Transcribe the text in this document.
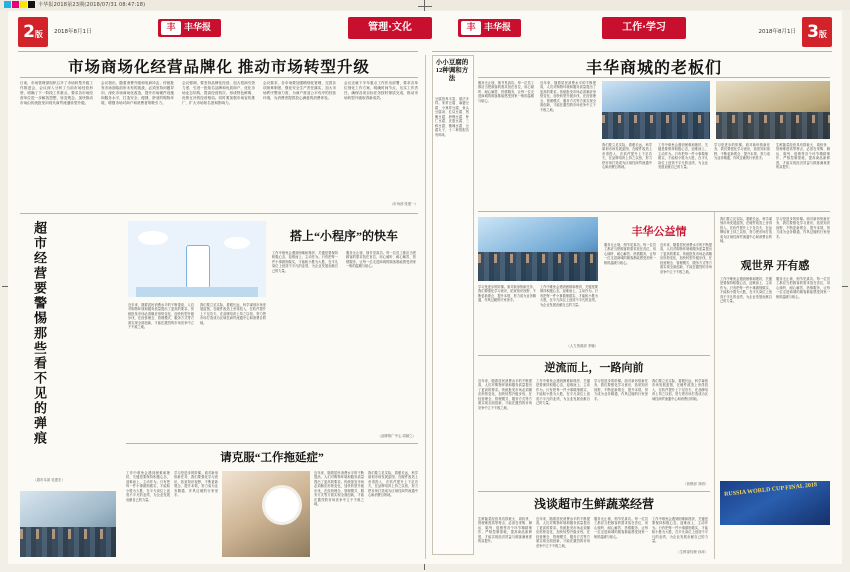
丰华报2018第23期(2018/07/31 08:47:18)
2版	2018年8月1日	丰 丰华报	管理·文化	3版
2018年8月1日
丰 丰华报	工作·学习
市场商场化经营品牌化 推动市场转型升级
日前，市场管理部组织召开了市场转型升级工作推进会，会议深入分析了当前市场经营形势，明确了下一阶段工作重点，要求各市场经营单位进一步解放思想、转变观念，加快推动市场由传统批发向现代商贸流通转型升级。
会议指出，随着消费升级和电商冲击，传统批发市场面临前所未有的挑战，必须坚持问题导向，深化市场商场化改造，提升市场硬件设施和服务水平，打造安全、便捷、舒适的购物环境，增强市场对商户和消费者的吸引力。
会议强调，要坚持品牌化经营，加大招商引资力度，引进一批知名品牌和优质商户，优化市场业态结构，提高经营档次，形成特色鲜明、优势互补的经营格局。同时要加强市场宣传推广，扩大市场知名度和影响力。
会议要求，各市场要加强精细化管理，完善各项规章制度，强化安全生产责任落实，加大市场秩序整治力度，为商户营造公平有序的经营环境，为消费者提供放心满意的消费体验。
会议还就下半年重点工作作出部署，要求各单位细化工作方案，明确时间节点，压实工作责任，确保各项目标任务按时保质完成，推动市场转型升级取得新成效。
（市场部 张建一）
超市经营要警惕那些看不见的弹痕
（超市本部 吴建宏）
搭上“小程序”的快车
近年来，随着居民消费水平的不断提高，人们对购物环境和服务质量提出了更高的要求。传统批发市场必须顺应形势变化，加快转型升级步伐，在经营理念、管理模式、服务方式等方面实现全面创新，才能在激烈的市场竞争中立于不败之地。
我们要立足实际，着眼长远，科学谋划市场发展蓝图，在硬件改造上舍得投入，在软件提升上下足功夫，在品牌培育上持之以恒，努力把市场打造成为区域性商贸流通中心和消费目的地。
工作中难免会遇到困难和挫折，关键是要保持积极心态，迎难而上，主动作为。只有把每一件小事做细做实，才能积小胜为大胜，在平凡岗位上创造不平凡的业绩，为企业发展贡献自己的力量。
服务无止境，细节见真功。每一位员工都应当把顾客的需求放在首位，用心倾听、耐心解答、热情服务，让每一位走进商城的顾客都能感受到家一般的温暖与贴心。
（品牌推广中心 周颖之）
请克服“工作拖延症”
工作中难免会遇到困难和挫折，关键是要保持积极心态，迎难而上，主动作为。只有把每一件小事做细做实，才能积小胜为大胜，在平凡岗位上创造不平凡的业绩，为企业发展贡献自己的力量。
学习是进步的阶梯。面对新形势新任务，我们要强化学习意识，拓宽知识视野，不断更新观念、提升本领，努力成为业务精通、作风过硬的行家里手。
近年来，随着居民消费水平的不断提高，人们对购物环境和服务质量提出了更高的要求。传统批发市场必须顺应形势变化，加快转型升级步伐，在经营理念、管理模式、服务方式等方面实现全面创新，才能在激烈的市场竞争中立于不败之地。
我们要立足实际，着眼长远，科学谋划市场发展蓝图，在硬件改造上舍得投入，在软件提升上下足功夫，在品牌培育上持之以恒，努力把市场打造成为区域性商贸流通中心和消费目的地。
小小豆腐的12种调和方法
豆腐营养丰富，做法多样。家常豆腐、麻婆豆腐、小葱拌豆腐、鱼头豆腐汤、红烧豆腐、煎酿豆腐、砂锅豆腐、虾仁豆腐、皮蛋豆腐、三鲜豆腐、酸辣豆腐、豆腐丸子，十二种搭配各有风味。
丰华商城的老板们
服务无止境，细节见真功。每一位员工都应当把顾客的需求放在首位，用心倾听、耐心解答、热情服务，让每一位走进商城的顾客都能感受到家一般的温暖与贴心。
近年来，随着居民消费水平的不断提高，人们对购物环境和服务质量提出了更高的要求。传统批发市场必须顺应形势变化，加快转型升级步伐，在经营理念、管理模式、服务方式等方面实现全面创新，才能在激烈的市场竞争中立于不败之地。
我们要立足实际，着眼长远，科学谋划市场发展蓝图，在硬件改造上舍得投入，在软件提升上下足功夫，在品牌培育上持之以恒，努力把市场打造成为区域性商贸流通中心和消费目的地。
工作中难免会遇到困难和挫折，关键是要保持积极心态，迎难而上，主动作为。只有把每一件小事做细做实，才能积小胜为大胜，在平凡岗位上创造不平凡的业绩，为企业发展贡献自己的力量。
学习是进步的阶梯。面对新形势新任务，我们要强化学习意识，拓宽知识视野，不断更新观念、提升本领，努力成为业务精通、作风过硬的行家里手。
生鲜蔬菜经营具有损耗大、周转快、管理难度高等特点，必须在采购、储运、陈列、促销等各个环节精耕细作，严格控制损耗，提高商品新鲜度，才能实现经济效益与顾客满意度的双提升。
丰华公益情
服务无止境，细节见真功。每一位员工都应当把顾客的需求放在首位，用心倾听、耐心解答、热情服务，让每一位走进商城的顾客都能感受到家一般的温暖与贴心。
近年来，随着居民消费水平的不断提高，人们对购物环境和服务质量提出了更高的要求。传统批发市场必须顺应形势变化，加快转型升级步伐，在经营理念、管理模式、服务方式等方面实现全面创新，才能在激烈的市场竞争中立于不败之地。
学习是进步的阶梯。面对新形势新任务，我们要强化学习意识，拓宽知识视野，不断更新观念、提升本领，努力成为业务精通、作风过硬的行家里手。
工作中难免会遇到困难和挫折，关键是要保持积极心态，迎难而上，主动作为。只有把每一件小事做细做实，才能积小胜为大胜，在平凡岗位上创造不平凡的业绩，为企业发展贡献自己的力量。
（人力资源部 李娜）
观世界 开有感
我们要立足实际，着眼长远，科学谋划市场发展蓝图，在硬件改造上舍得投入，在软件提升上下足功夫，在品牌培育上持之以恒，努力把市场打造成为区域性商贸流通中心和消费目的地。
学习是进步的阶梯。面对新形势新任务，我们要强化学习意识，拓宽知识视野，不断更新观念、提升本领，努力成为业务精通、作风过硬的行家里手。
工作中难免会遇到困难和挫折，关键是要保持积极心态，迎难而上，主动作为。只有把每一件小事做细做实，才能积小胜为大胜，在平凡岗位上创造不平凡的业绩，为企业发展贡献自己的力量。
服务无止境，细节见真功。每一位员工都应当把顾客的需求放在首位，用心倾听、耐心解答、热情服务，让每一位走进商城的顾客都能感受到家一般的温暖与贴心。
RUSSIA WORLD CUP FINAL 2018
逆流而上，一路向前
近年来，随着居民消费水平的不断提高，人们对购物环境和服务质量提出了更高的要求。传统批发市场必须顺应形势变化，加快转型升级步伐，在经营理念、管理模式、服务方式等方面实现全面创新，才能在激烈的市场竞争中立于不败之地。
工作中难免会遇到困难和挫折，关键是要保持积极心态，迎难而上，主动作为。只有把每一件小事做细做实，才能积小胜为大胜，在平凡岗位上创造不平凡的业绩，为企业发展贡献自己的力量。
学习是进步的阶梯。面对新形势新任务，我们要强化学习意识，拓宽知识视野，不断更新观念、提升本领，努力成为业务精通、作风过硬的行家里手。
我们要立足实际，着眼长远，科学谋划市场发展蓝图，在硬件改造上舍得投入，在软件提升上下足功夫，在品牌培育上持之以恒，努力把市场打造成为区域性商贸流通中心和消费目的地。
（营销部 刘明）
浅谈超市生鲜蔬菜经营
生鲜蔬菜经营具有损耗大、周转快、管理难度高等特点，必须在采购、储运、陈列、促销等各个环节精耕细作，严格控制损耗，提高商品新鲜度，才能实现经济效益与顾客满意度的双提升。
近年来，随着居民消费水平的不断提高，人们对购物环境和服务质量提出了更高的要求。传统批发市场必须顺应形势变化，加快转型升级步伐，在经营理念、管理模式、服务方式等方面实现全面创新，才能在激烈的市场竞争中立于不败之地。
服务无止境，细节见真功。每一位员工都应当把顾客的需求放在首位，用心倾听、耐心解答、热情服务，让每一位走进商城的顾客都能感受到家一般的温暖与贴心。
工作中难免会遇到困难和挫折，关键是要保持积极心态，迎难而上，主动作为。只有把每一件小事做细做实，才能积小胜为大胜，在平凡岗位上创造不平凡的业绩，为企业发展贡献自己的力量。
（生鲜部经理 孙萍）
